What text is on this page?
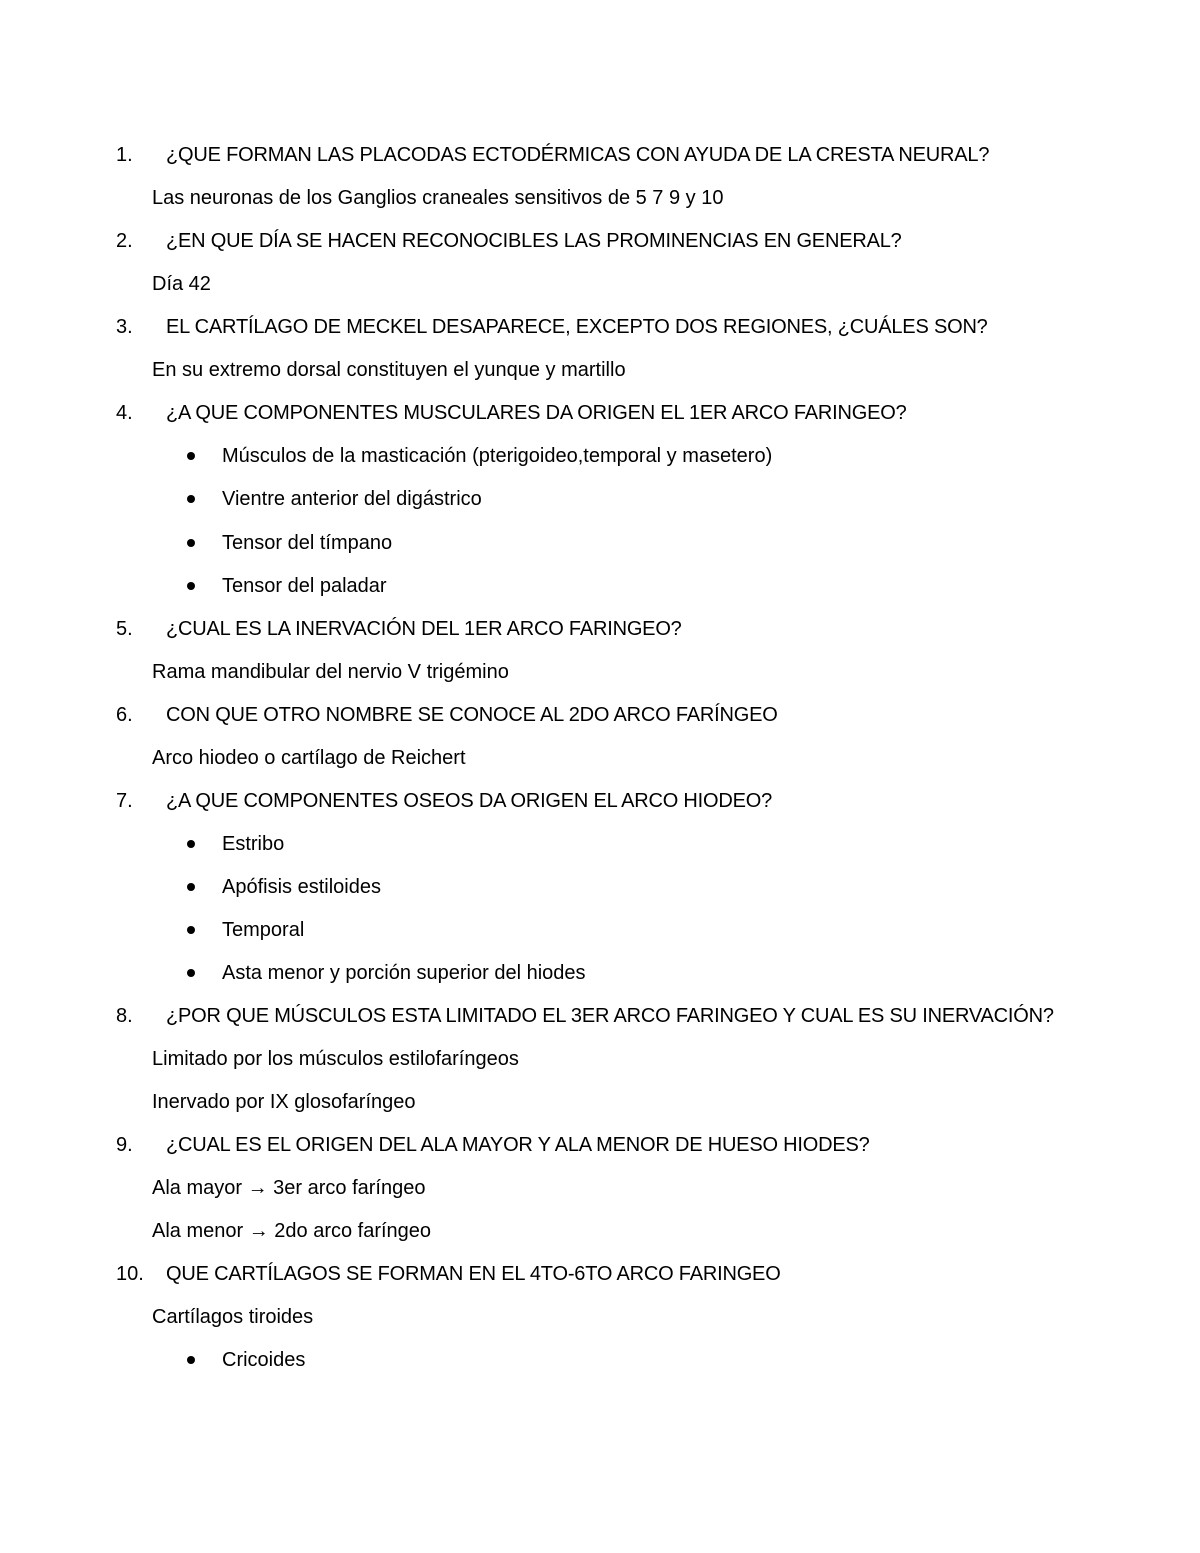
1. ¿QUE FORMAN LAS PLACODAS ECTODÉRMICAS CON AYUDA DE LA CRESTA NEURAL?
Las neuronas de los Ganglios craneales sensitivos de 5 7 9 y 10
2. ¿EN QUE DÍA SE HACEN RECONOCIBLES LAS PROMINENCIAS EN GENERAL?
Día 42
3. EL CARTÍLAGO DE MECKEL DESAPARECE, EXCEPTO DOS REGIONES, ¿CUÁLES SON?
En su extremo dorsal constituyen el yunque y martillo
4. ¿A QUE COMPONENTES MUSCULARES DA ORIGEN EL 1ER ARCO FARINGEO?
Músculos de la masticación (pterigoideo,temporal y masetero)
Vientre anterior del digástrico
Tensor del tímpano
Tensor del paladar
5. ¿CUAL ES LA INERVACIÓN DEL 1ER ARCO FARINGEO?
Rama mandibular del nervio V trigémino
6. CON QUE OTRO NOMBRE SE CONOCE AL 2DO ARCO FARÍNGEO
Arco hiodeo o cartílago de Reichert
7. ¿A QUE COMPONENTES OSEOS DA ORIGEN EL ARCO HIODEO?
Estribo
Apófisis estiloides
Temporal
Asta menor y porción superior del hiodes
8. ¿POR QUE MÚSCULOS ESTA LIMITADO EL 3ER ARCO FARINGEO Y CUAL ES SU INERVACIÓN?
Limitado por los músculos estilofaríngeos
Inervado por IX glosofaríngeo
9. ¿CUAL ES EL ORIGEN DEL ALA MAYOR Y ALA MENOR DE HUESO HIODES?
Ala mayor → 3er arco faríngeo
Ala menor → 2do arco faríngeo
10. QUE CARTÍLAGOS SE FORMAN EN EL 4TO-6TO ARCO FARINGEO
Cartílagos tiroides
Cricoides
